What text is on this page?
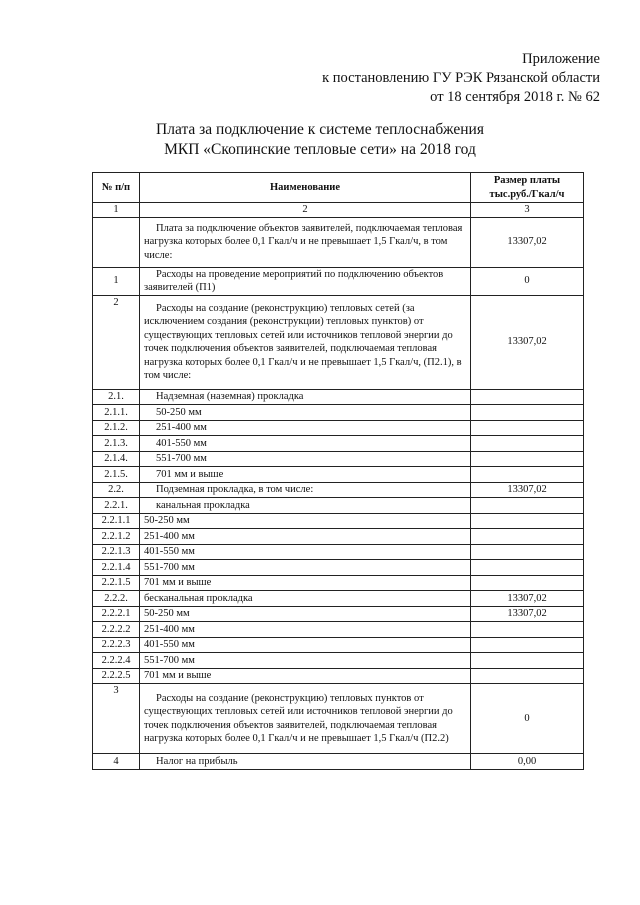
Приложение
к постановлению ГУ РЭК Рязанской области
от 18 сентября 2018 г. № 62
Плата за подключение к системе теплоснабжения
МКП «Скопинские тепловые сети» на 2018 год
№ п/п	Наименование	Размер платы
тыс.руб./Гкал/ч

1	2	3
	Плата за подключение объектов заявителей, подключаемая тепловая нагрузка которых более 0,1 Гкал/ч и не превышает 1,5 Гкал/ч, в том числе:	13307,02
1	Расходы на проведение мероприятий по подключению объектов заявителей (П1)	0
2	Расходы на создание (реконструкцию) тепловых сетей (за исключением создания (реконструкции) тепловых пунктов) от существующих тепловых сетей или источников тепловой энергии до точек подключения объектов заявителей, подключаемая тепловая нагрузка которых более 0,1 Гкал/ч и не превышает 1,5 Гкал/ч, (П2.1), в том числе:	13307,02
2.1.	Надземная (наземная) прокладка	
2.1.1.	50-250 мм	
2.1.2.	251-400 мм	
2.1.3.	401-550 мм	
2.1.4.	551-700 мм	
2.1.5.	701 мм и выше	
2.2.	Подземная прокладка, в том числе:	13307,02
2.2.1.	канальная прокладка	
2.2.1.1	50-250 мм	
2.2.1.2	251-400 мм	
2.2.1.3	401-550 мм	
2.2.1.4	551-700 мм	
2.2.1.5	701 мм и выше	
2.2.2.	бесканальная прокладка	13307,02
2.2.2.1	50-250 мм	13307,02
2.2.2.2	251-400 мм	
2.2.2.3	401-550 мм	
2.2.2.4	551-700 мм	
2.2.2.5	701 мм и выше	
3	Расходы на создание (реконструкцию) тепловых пунктов от существующих тепловых сетей или источников тепловой энергии до точек подключения объектов заявителей, подключаемая тепловая нагрузка которых более 0,1 Гкал/ч и не превышает 1,5 Гкал/ч (П2.2)	0
4	Налог на прибыль	0,00
